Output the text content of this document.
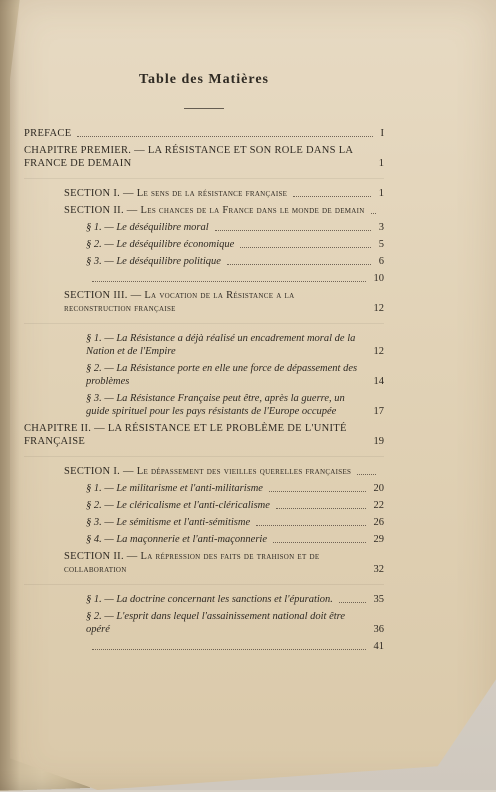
Table des Matières
PREFACE	I
CHAPITRE PREMIER. — LA RÉSISTANCE ET SON ROLE DANS LA FRANCE DE DEMAIN	1
SECTION I. — Le sens de la résistance française	1
SECTION II. — Les chances de la France dans le monde de demain
§ 1. — Le déséquilibre moral	3
§ 2. — Le déséquilibre économique	5
§ 3. — Le déséquilibre politique	6
10
SECTION III. — La vocation de la Résistance a la reconstruction française	12
§ 1. — La Résistance a déjà réalisé un encadrement moral de la Nation et de l'Empire	12
§ 2. — La Résistance porte en elle une force de dépassement des problèmes	14
§ 3. — La Résistance Française peut être, après la guerre, un guide spirituel pour les pays résistants de l'Europe occupée	17
CHAPITRE II. — LA RÉSISTANCE ET LE PROBLÈME DE L'UNITÉ FRANÇAISE	19
SECTION I. — Le dépassement des vieilles querelles françaises
§ 1. — Le militarisme et l'anti-militarisme	20
§ 2. — Le cléricalisme et l'anti-cléricalisme	22
§ 3. — Le sémitisme et l'anti-sémitisme	26
§ 4. — La maçonnerie et l'anti-maçonnerie	29
SECTION II. — La répression des faits de trahison et de collaboration	32
§ 1. — La doctrine concernant les sanctions et l'épuration.	35
§ 2. — L'esprit dans lequel l'assainissement national doit être opéré	36
41
